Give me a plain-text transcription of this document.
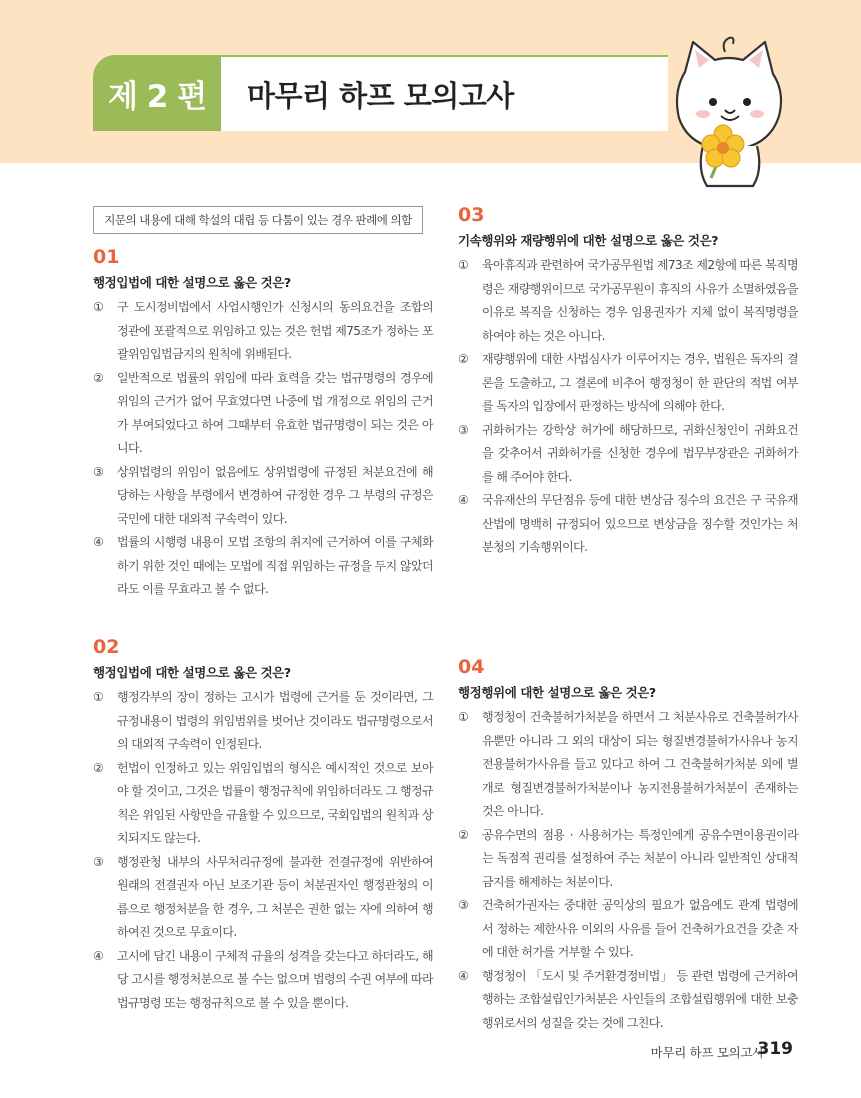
제 2 편	마무리 하프 모의고사
지문의 내용에 대해 학설의 대립 등 다툼이 있는 경우 판례에 의함
01
행정입법에 대한 설명으로 옳은 것은?
①	구 도시정비법에서 사업시행인가 신청시의 동의요건을 조합의 정관에 포괄적으로 위임하고 있는 것은 헌법 제75조가 정하는 포괄위임입법금지의 원칙에 위배된다.
②	일반적으로 법률의 위임에 따라 효력을 갖는 법규명령의 경우에 위임의 근거가 없어 무효였다면 나중에 법 개정으로 위임의 근거가 부여되었다고 하여 그때부터 유효한 법규명령이 되는 것은 아니다.
③	상위법령의 위임이 없음에도 상위법령에 규정된 처분요건에 해당하는 사항을 부령에서 변경하여 규정한 경우 그 부령의 규정은 국민에 대한 대외적 구속력이 있다.
④	법률의 시행령 내용이 모법 조항의 취지에 근거하여 이를 구체화하기 위한 것인 때에는 모법에 직접 위임하는 규정을 두지 않았더라도 이를 무효라고 볼 수 없다.
02
행정입법에 대한 설명으로 옳은 것은?
①	행정각부의 장이 정하는 고시가 법령에 근거를 둔 것이라면, 그 규정내용이 법령의 위임범위를 벗어난 것이라도 법규명령으로서의 대외적 구속력이 인정된다.
②	헌법이 인정하고 있는 위임입법의 형식은 예시적인 것으로 보아야 할 것이고, 그것은 법률이 행정규칙에 위임하더라도 그 행정규칙은 위임된 사항만을 규율할 수 있으므로, 국회입법의 원칙과 상치되지도 않는다.
③	행정관청 내부의 사무처리규정에 불과한 전결규정에 위반하여 원래의 전결권자 아닌 보조기관 등이 처분권자인 행정관청의 이름으로 행정처분을 한 경우, 그 처분은 권한 없는 자에 의하여 행하여진 것으로 무효이다.
④	고시에 담긴 내용이 구체적 규율의 성격을 갖는다고 하더라도, 해당 고시를 행정처분으로 볼 수는 없으며 법령의 수권 여부에 따라 법규명령 또는 행정규칙으로 볼 수 있을 뿐이다.
03
기속행위와 재량행위에 대한 설명으로 옳은 것은?
①	육아휴직과 관련하여 국가공무원법 제73조 제2항에 따른 복직명령은 재량행위이므로 국가공무원이 휴직의 사유가 소멸하였음을 이유로 복직을 신청하는 경우 임용권자가 지체 없이 복직명령을 하여야 하는 것은 아니다.
②	재량행위에 대한 사법심사가 이루어지는 경우, 법원은 독자의 결론을 도출하고, 그 결론에 비추어 행정청이 한 판단의 적법 여부를 독자의 입장에서 판정하는 방식에 의해야 한다.
③	귀화허가는 강학상 허가에 해당하므로, 귀화신청인이 귀화요건을 갖추어서 귀화허가를 신청한 경우에 법무부장관은 귀화허가를 해 주어야 한다.
④	국유재산의 무단점유 등에 대한 변상금 징수의 요건은 구 국유재산법에 명백히 규정되어 있으므로 변상금을 징수할 것인가는 처분청의 기속행위이다.
04
행정행위에 대한 설명으로 옳은 것은?
①	행정청이 건축불허가처분을 하면서 그 처분사유로 건축불허가사유뿐만 아니라 그 외의 대상이 되는 형질변경불허가사유나 농지전용불허가사유를 들고 있다고 하여 그 건축불허가처분 외에 별개로 형질변경불허가처분이나 농지전용불허가처분이 존재하는 것은 아니다.
②	공유수면의 점용 · 사용허가는 특정인에게 공유수면이용권이라는 독점적 권리를 설정하여 주는 처분이 아니라 일반적인 상대적 금지를 해제하는 처분이다.
③	건축허가권자는 중대한 공익상의 필요가 없음에도 관계 법령에서 정하는 제한사유 이외의 사유를 들어 건축허가요건을 갖춘 자에 대한 허가를 거부할 수 있다.
④	행정청이 「도시 및 주거환경정비법」 등 관련 법령에 근거하여 행하는 조합설립인가처분은 사인들의 조합설립행위에 대한 보충행위로서의 성질을 갖는 것에 그친다.
마무리 하프 모의고사
319
